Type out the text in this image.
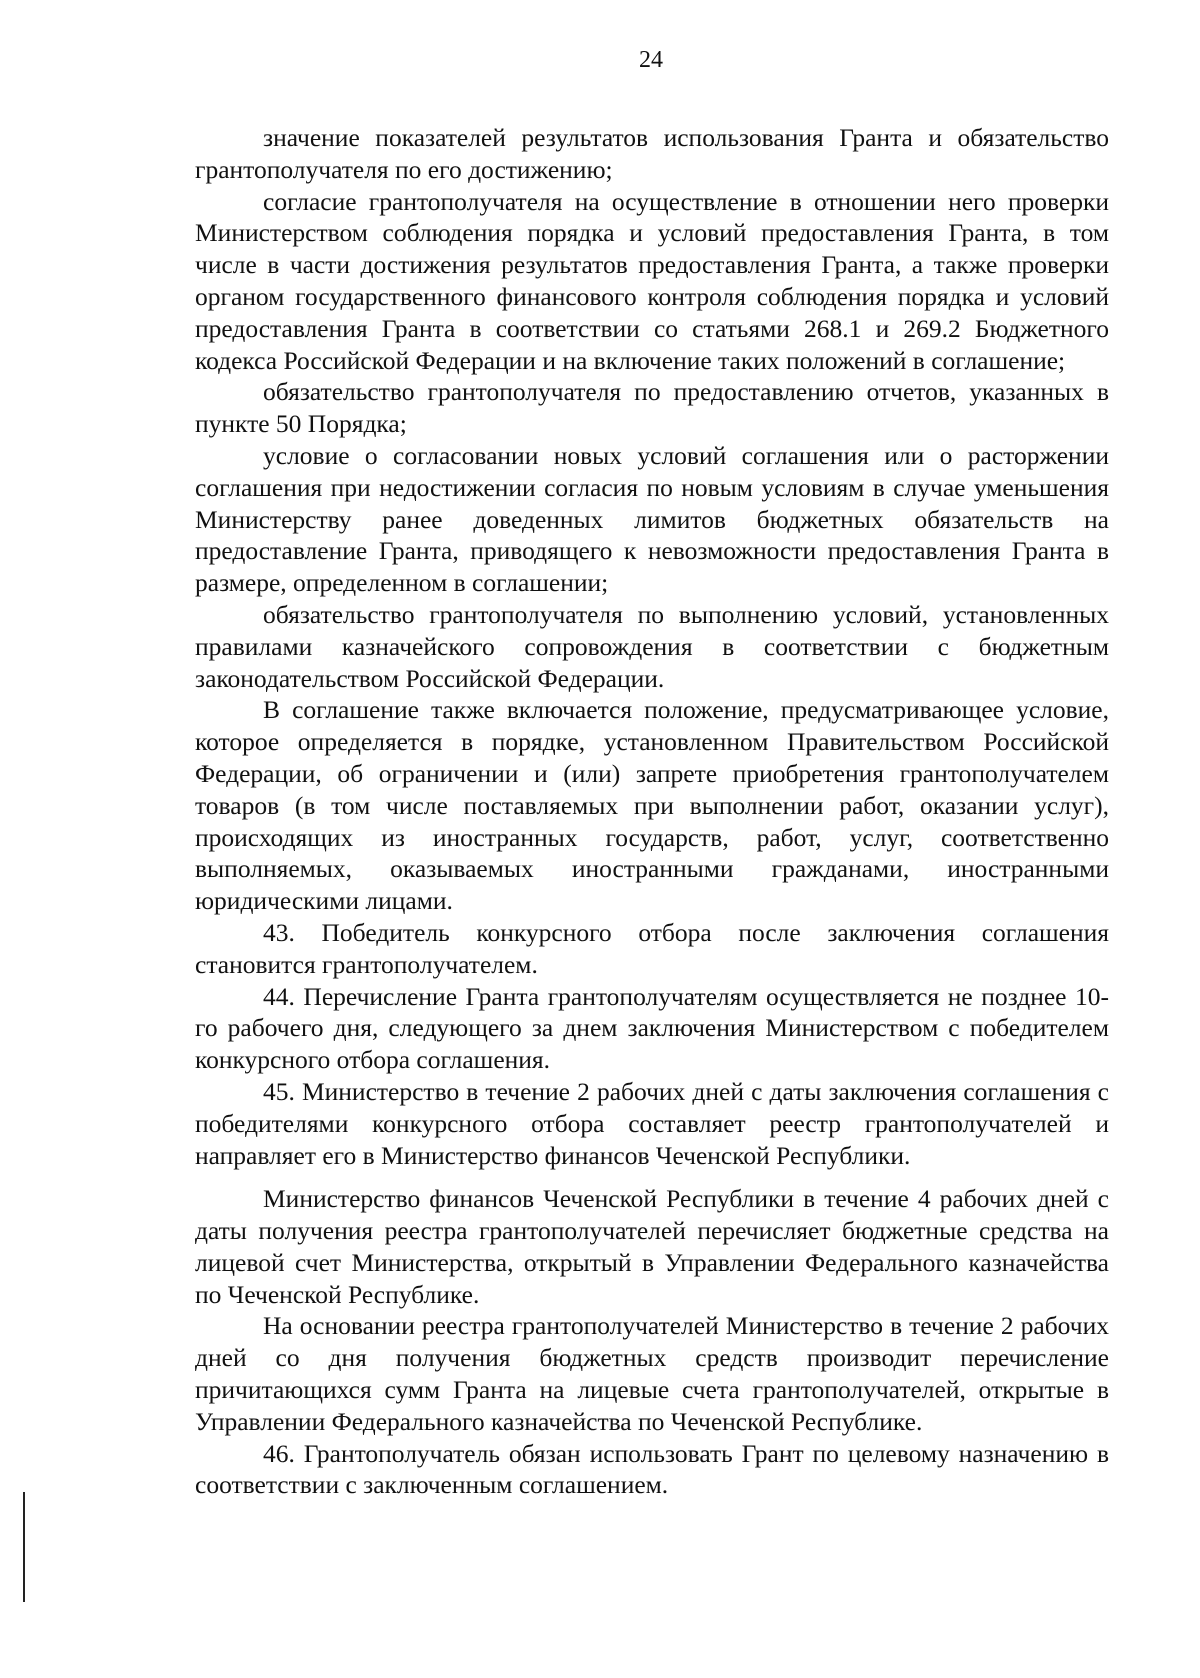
24

значение показателей результатов использования Гранта и обязательство грантополучателя по его достижению;

согласие грантополучателя на осуществление в отношении него проверки Министерством соблюдения порядка и условий предоставления Гранта, в том числе в части достижения результатов предоставления Гранта, а также проверки органом государственного финансового контроля соблюдения порядка и условий предоставления Гранта в соответствии со статьями 268.1 и 269.2 Бюджетного кодекса Российской Федерации и на включение таких положений в соглашение;

обязательство грантополучателя по предоставлению отчетов, указанных в пункте 50 Порядка;

условие о согласовании новых условий соглашения или о расторжении соглашения при недостижении согласия по новым условиям в случае уменьшения Министерству ранее доведенных лимитов бюджетных обязательств на предоставление Гранта, приводящего к невозможности предоставления Гранта в размере, определенном в соглашении;

обязательство грантополучателя по выполнению условий, установленных правилами казначейского сопровождения в соответствии с бюджетным законодательством Российской Федерации.

В соглашение также включается положение, предусматривающее условие, которое определяется в порядке, установленном Правительством Российской Федерации, об ограничении и (или) запрете приобретения грантополучателем товаров (в том числе поставляемых при выполнении работ, оказании услуг), происходящих из иностранных государств, работ, услуг, соответственно выполняемых, оказываемых иностранными гражданами, иностранными юридическими лицами.

43. Победитель конкурсного отбора после заключения соглашения становится грантополучателем.

44. Перечисление Гранта грантополучателям осуществляется не позднее 10-го рабочего дня, следующего за днем заключения Министерством с победителем конкурсного отбора соглашения.

45. Министерство в течение 2 рабочих дней с даты заключения соглашения с победителями конкурсного отбора составляет реестр грантополучателей и направляет его в Министерство финансов Чеченской Республики.

Министерство финансов Чеченской Республики в течение 4 рабочих дней с даты получения реестра грантополучателей перечисляет бюджетные средства на лицевой счет Министерства, открытый в Управлении Федерального казначейства по Чеченской Республике.

На основании реестра грантополучателей Министерство в течение 2 рабочих дней со дня получения бюджетных средств производит перечисление причитающихся сумм Гранта на лицевые счета грантополучателей, открытые в Управлении Федерального казначейства по Чеченской Республике.

46. Грантополучатель обязан использовать Грант по целевому назначению в соответствии с заключенным соглашением.
